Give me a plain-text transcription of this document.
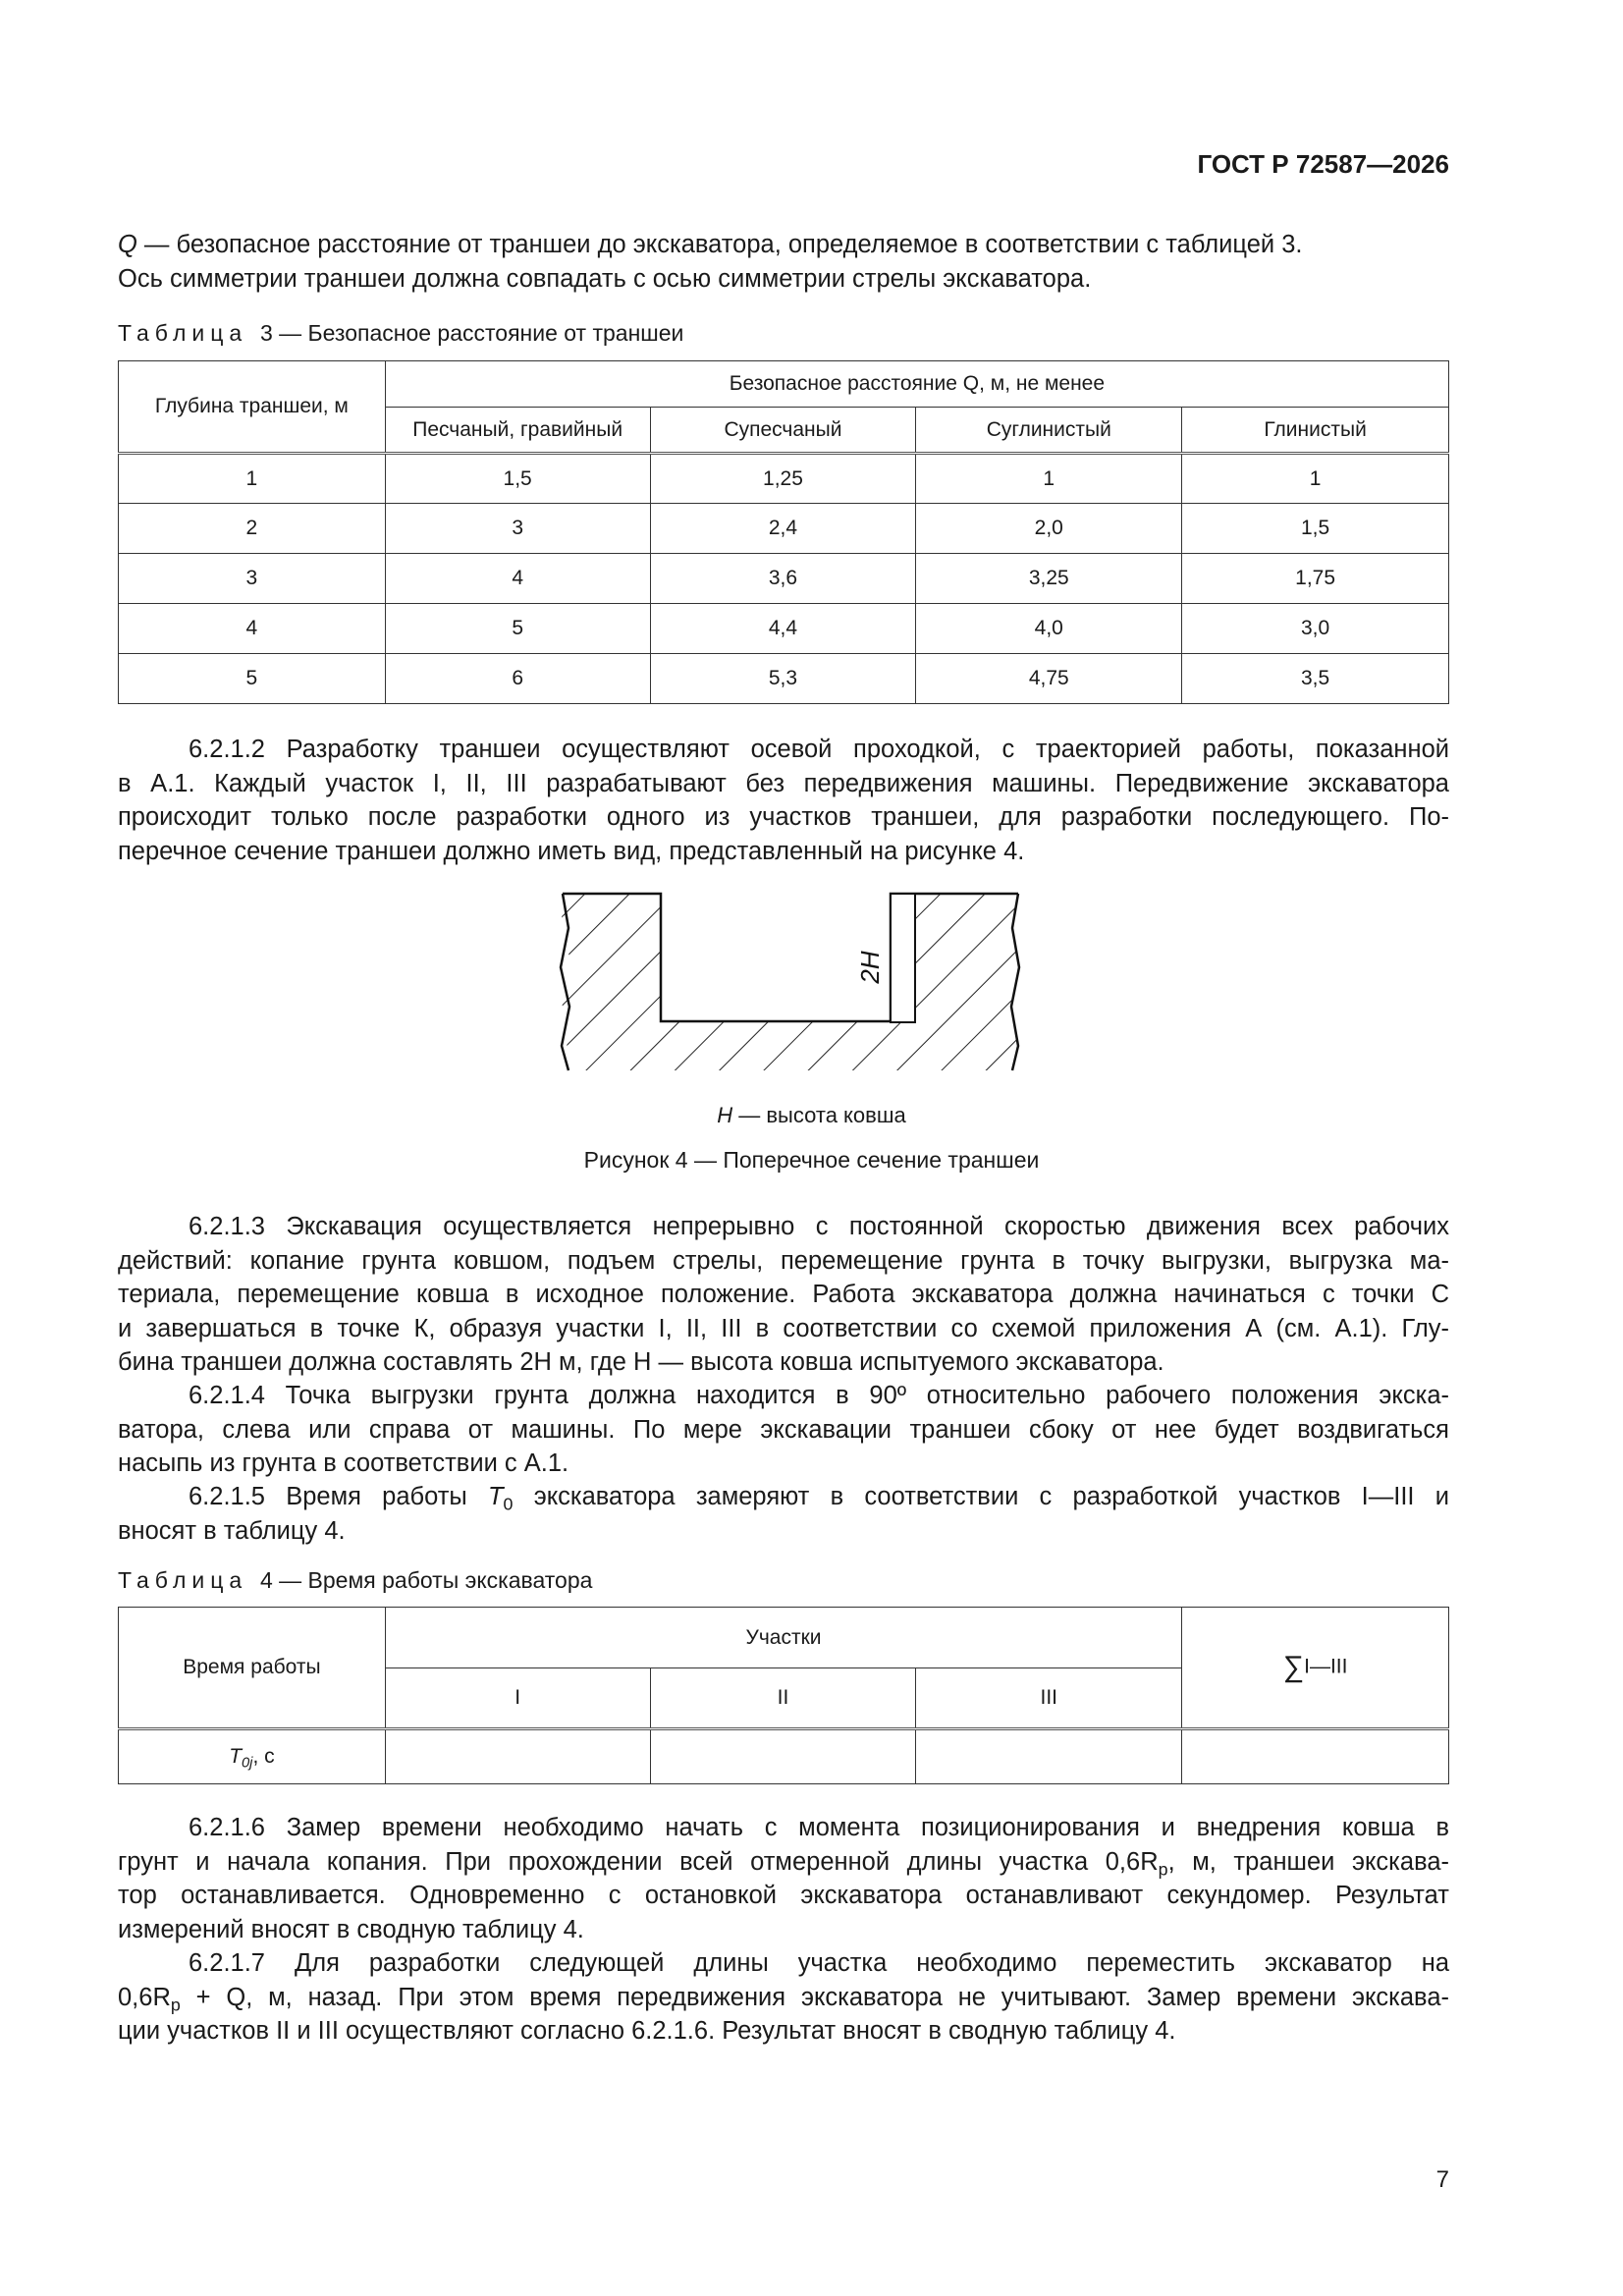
ГОСТ Р 72587—2026
Q — безопасное расстояние от траншеи до экскаватора, определяемое в соответствии с таблицей 3.
Ось симметрии траншеи должна совпадать с осью симметрии стрелы экскаватора.
Таблица 3 — Безопасное расстояние от траншеи
Глубина траншеи, м	Безопасное расстояние Q, м, не менее			
	Песчаный, гравийный	Супесчаный	Суглинистый	Глинистый
1	1,5	1,25	1	1
2	3	2,4	2,0	1,5
3	4	3,6	3,25	1,75
4	5	4,4	4,0	3,0
5	6	5,3	4,75	3,5
6.2.1.2 Разработку траншеи осуществляют осевой проходкой, с траекторией работы, показанной
в А.1. Каждый участок I, II, III разрабатывают без передвижения машины. Передвижение экскаватора
происходит только после разработки одного из участков траншеи, для разработки последующего. По-
перечное сечение траншеи должно иметь вид, представленный на рисунке 4.
2H
H — высота ковша
Рисунок 4 — Поперечное сечение траншеи
6.2.1.3 Экскавация осуществляется непрерывно с постоянной скоростью движения всех рабочих
действий: копание грунта ковшом, подъем стрелы, перемещение грунта в точку выгрузки, выгрузка ма-
териала, перемещение ковша в исходное положение. Работа экскаватора должна начинаться с точки С
и завершаться в точке К, образуя участки I, II, III в соответствии со схемой приложения А (см. А.1). Глу-
бина траншеи должна составлять 2H м, где H — высота ковша испытуемого экскаватора.
6.2.1.4 Точка выгрузки грунта должна находится в 90º относительно рабочего положения экска-
ватора, слева или справа от машины. По мере экскавации траншеи сбоку от нее будет воздвигаться
насыпь из грунта в соответствии с А.1.
6.2.1.5 Время работы $T_0$ экскаватора замеряют в соответствии с разработкой участков I—III и
вносят в таблицу 4.
Таблица 4 — Время работы экскаватора
Время работы	Участки			∑I—III
	I	II	III	
$T_{0j}$, с				
6.2.1.6 Замер времени необходимо начать с момента позиционирования и внедрения ковша в
грунт и начала копания. При прохождении всей отмеренной длины участка $0,6R_р$, м, траншеи экскава-
тор останавливается. Одновременно с остановкой экскаватора останавливают секундомер. Результат
измерений вносят в сводную таблицу 4.
6.2.1.7 Для разработки следующей длины участка необходимо переместить экскаватор на
$0,6R_р + Q$, м, назад. При этом время передвижения экскаватора не учитывают. Замер времени экскава-
ции участков II и III осуществляют согласно 6.2.1.6. Результат вносят в сводную таблицу 4.
7
